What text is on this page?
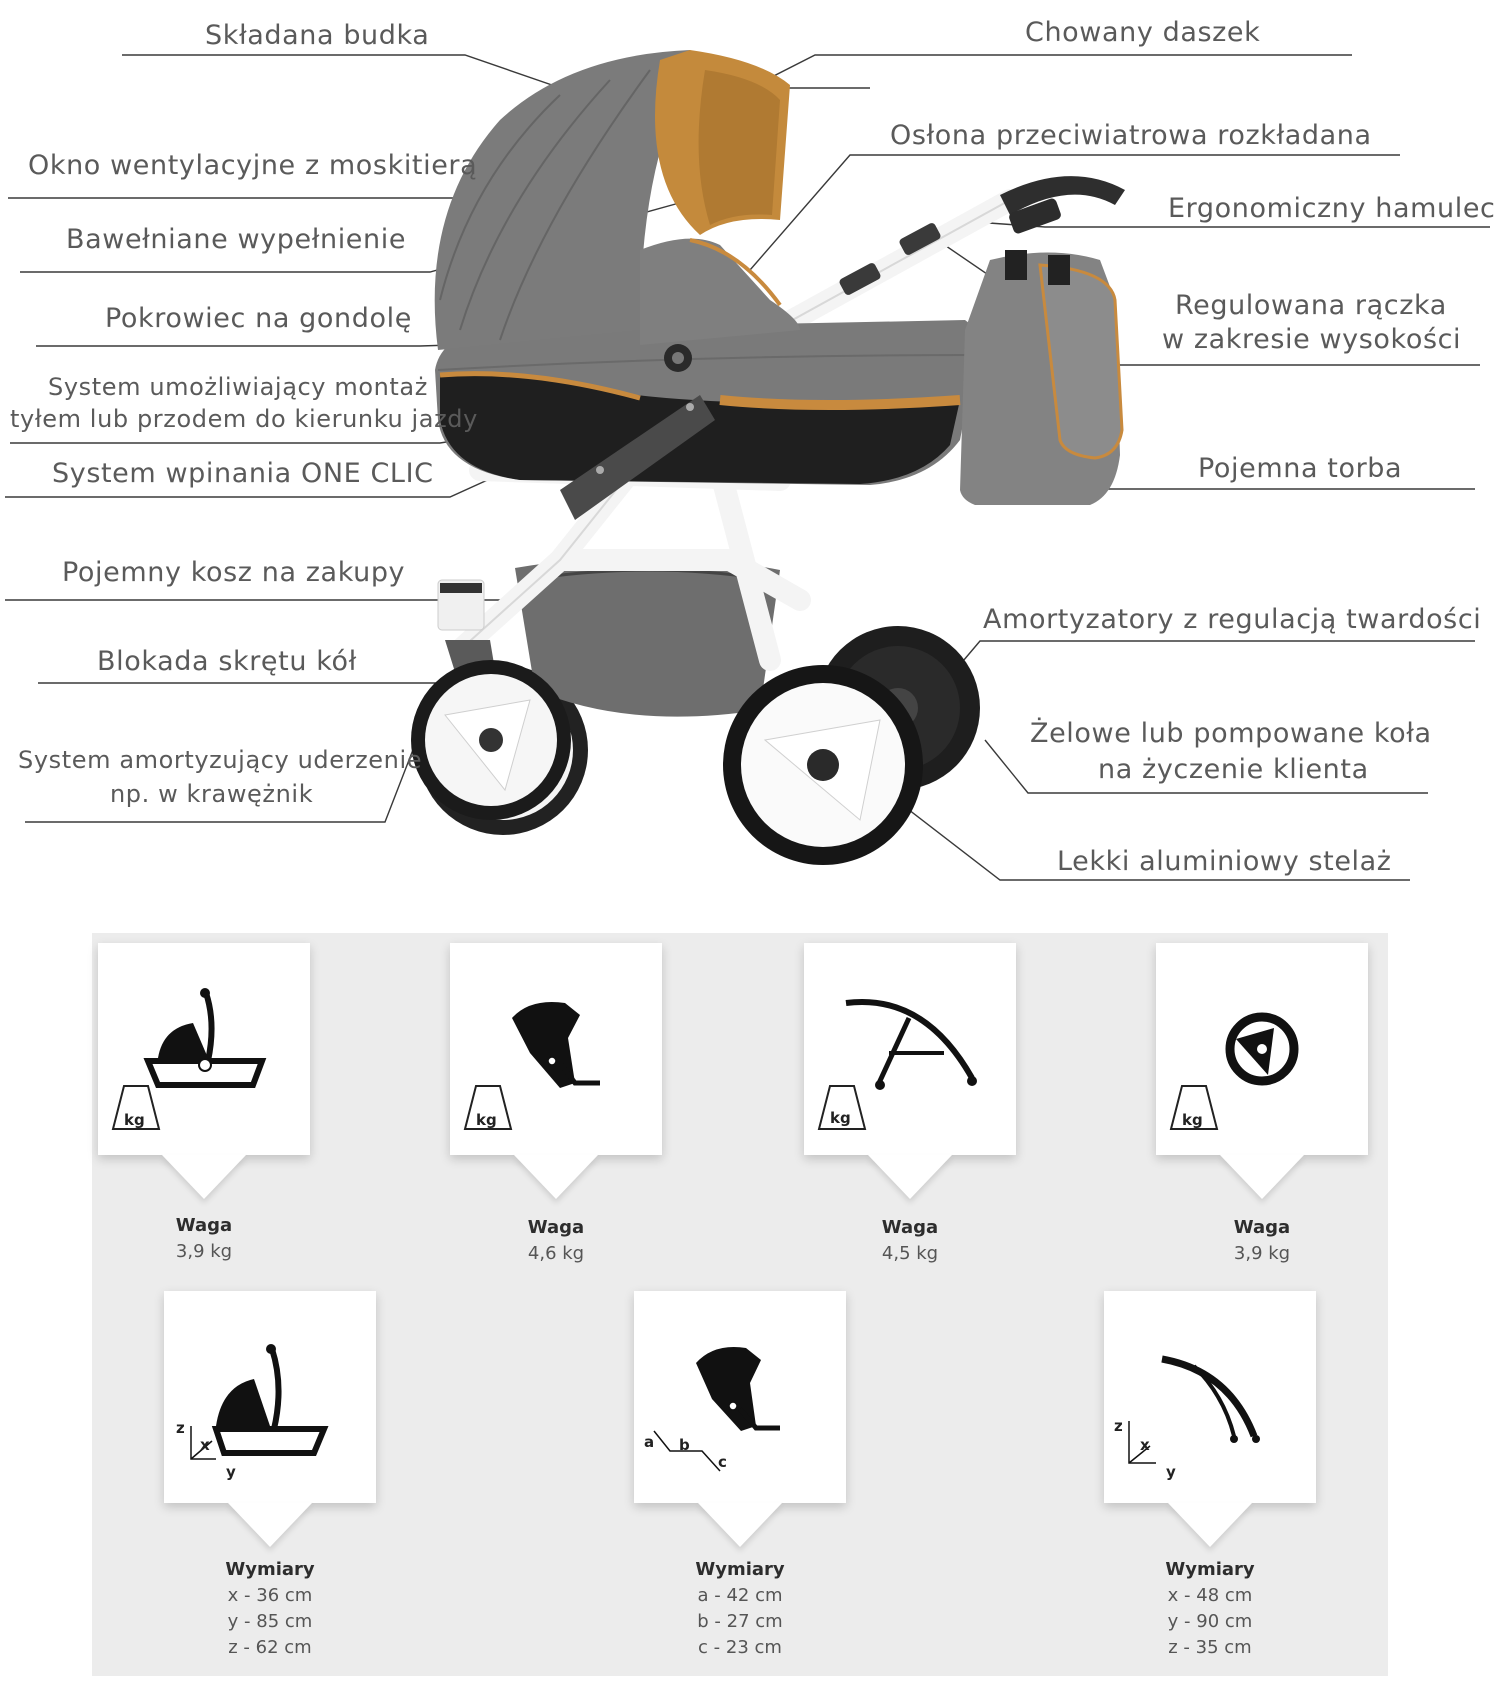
Składana budka
Okno wentylacyjne z moskitierą
Bawełniane wypełnienie
Pokrowiec na gondolę
System umożliwiający montaż
tyłem lub przodem do kierunku jazdy
System wpinania ONE CLIC
Pojemny kosz na zakupy
Blokada skrętu kół
System amortyzujący uderzenie
np. w krawężnik
Chowany daszek
Osłona przeciwiatrowa rozkładana
Ergonomiczny hamulec
Regulowana rączka
w zakresie wysokości
Pojemna torba
Amortyzatory z regulacją twardości
Żelowe lub pompowane koła
na życzenie klienta
Lekki aluminiowy stelaż
kg
Waga
3,9 kg
kg
Waga
4,6 kg
kg
Waga
4,5 kg
kg
Waga
3,9 kg
z
x
y
Wymiary
x - 36 cm
y - 85 cm
z - 62 cm
a b
c
Wymiary
a - 42 cm
b - 27 cm
c - 23 cm
z
x
y
Wymiary
x - 48 cm
y - 90 cm
z - 35 cm
